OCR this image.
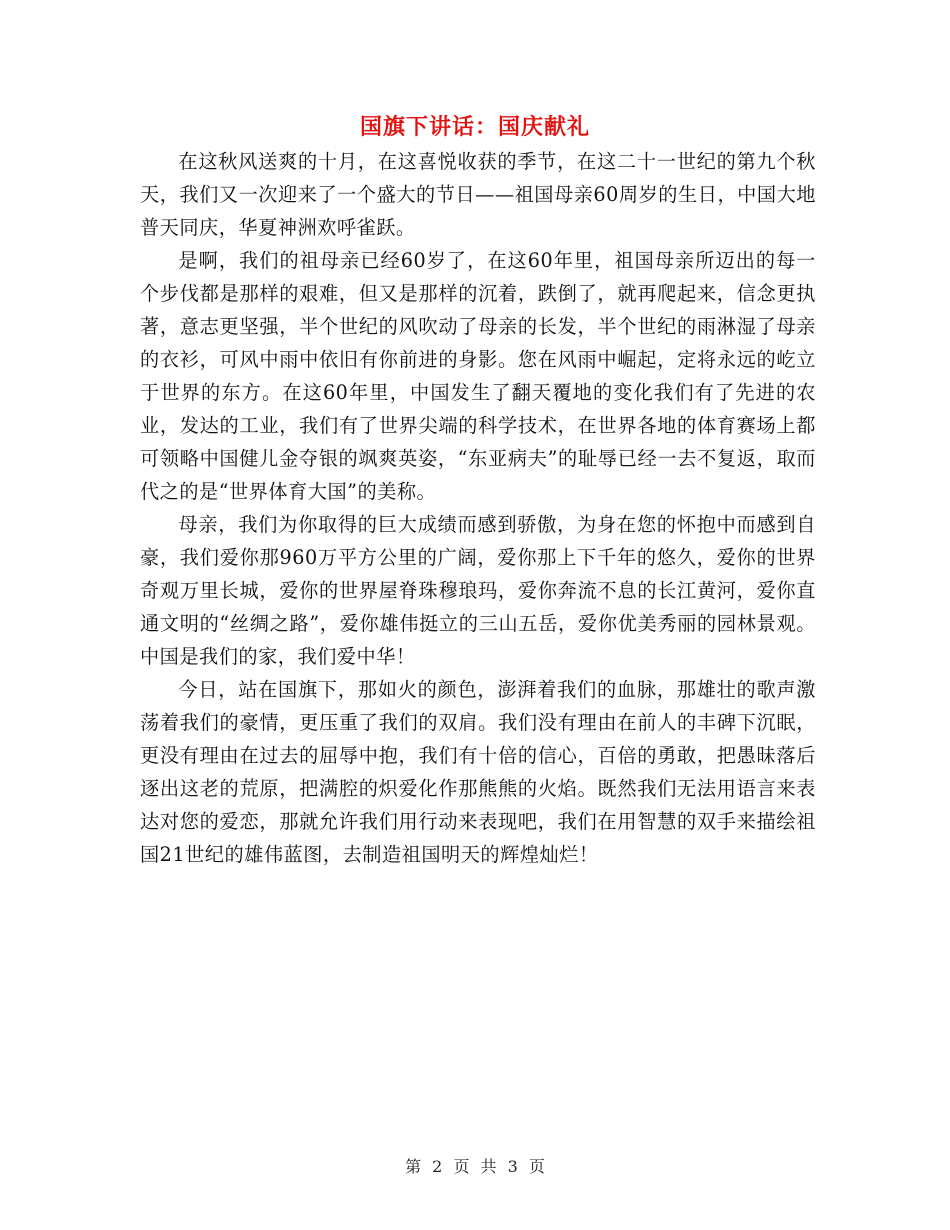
国旗下讲话：国庆献礼

在这秋风送爽的十月，在这喜悦收获的季节，在这二十一世纪的第九个秋天，我们又一次迎来了一个盛大的节日——祖国母亲60周岁的生日，中国大地普天同庆，华夏神洲欢呼雀跃。

是啊，我们的祖母亲已经60岁了，在这60年里，祖国母亲所迈出的每一个步伐都是那样的艰难，但又是那样的沉着，跌倒了，就再爬起来，信念更执著，意志更坚强，半个世纪的风吹动了母亲的长发，半个世纪的雨淋湿了母亲的衣衫，可风中雨中依旧有你前进的身影。您在风雨中崛起，定将永远的屹立于世界的东方。在这60年里，中国发生了翻天覆地的变化我们有了先进的农业，发达的工业，我们有了世界尖端的科学技术，在世界各地的体育赛场上都可领略中国健儿金夺银的飒爽英姿，“东亚病夫”的耻辱已经一去不复返，取而代之的是“世界体育大国”的美称。

母亲，我们为你取得的巨大成绩而感到骄傲，为身在您的怀抱中而感到自豪，我们爱你那960万平方公里的广阔，爱你那上下千年的悠久，爱你的世界奇观万里长城，爱你的世界屋脊珠穆琅玛，爱你奔流不息的长江黄河，爱你直通文明的“丝绸之路”，爱你雄伟挺立的三山五岳，爱你优美秀丽的园林景观。中国是我们的家，我们爱中华！

今日，站在国旗下，那如火的颜色，澎湃着我们的血脉，那雄壮的歌声激荡着我们的豪情，更压重了我们的双肩。我们没有理由在前人的丰碑下沉眠，更没有理由在过去的屈辱中抱，我们有十倍的信心，百倍的勇敢，把愚昧落后逐出这老的荒原，把满腔的炽爱化作那熊熊的火焰。既然我们无法用语言来表达对您的爱恋，那就允许我们用行动来表现吧，我们在用智慧的双手来描绘祖国21世纪的雄伟蓝图，去制造祖国明天的辉煌灿烂！

第 2 页 共 3 页
